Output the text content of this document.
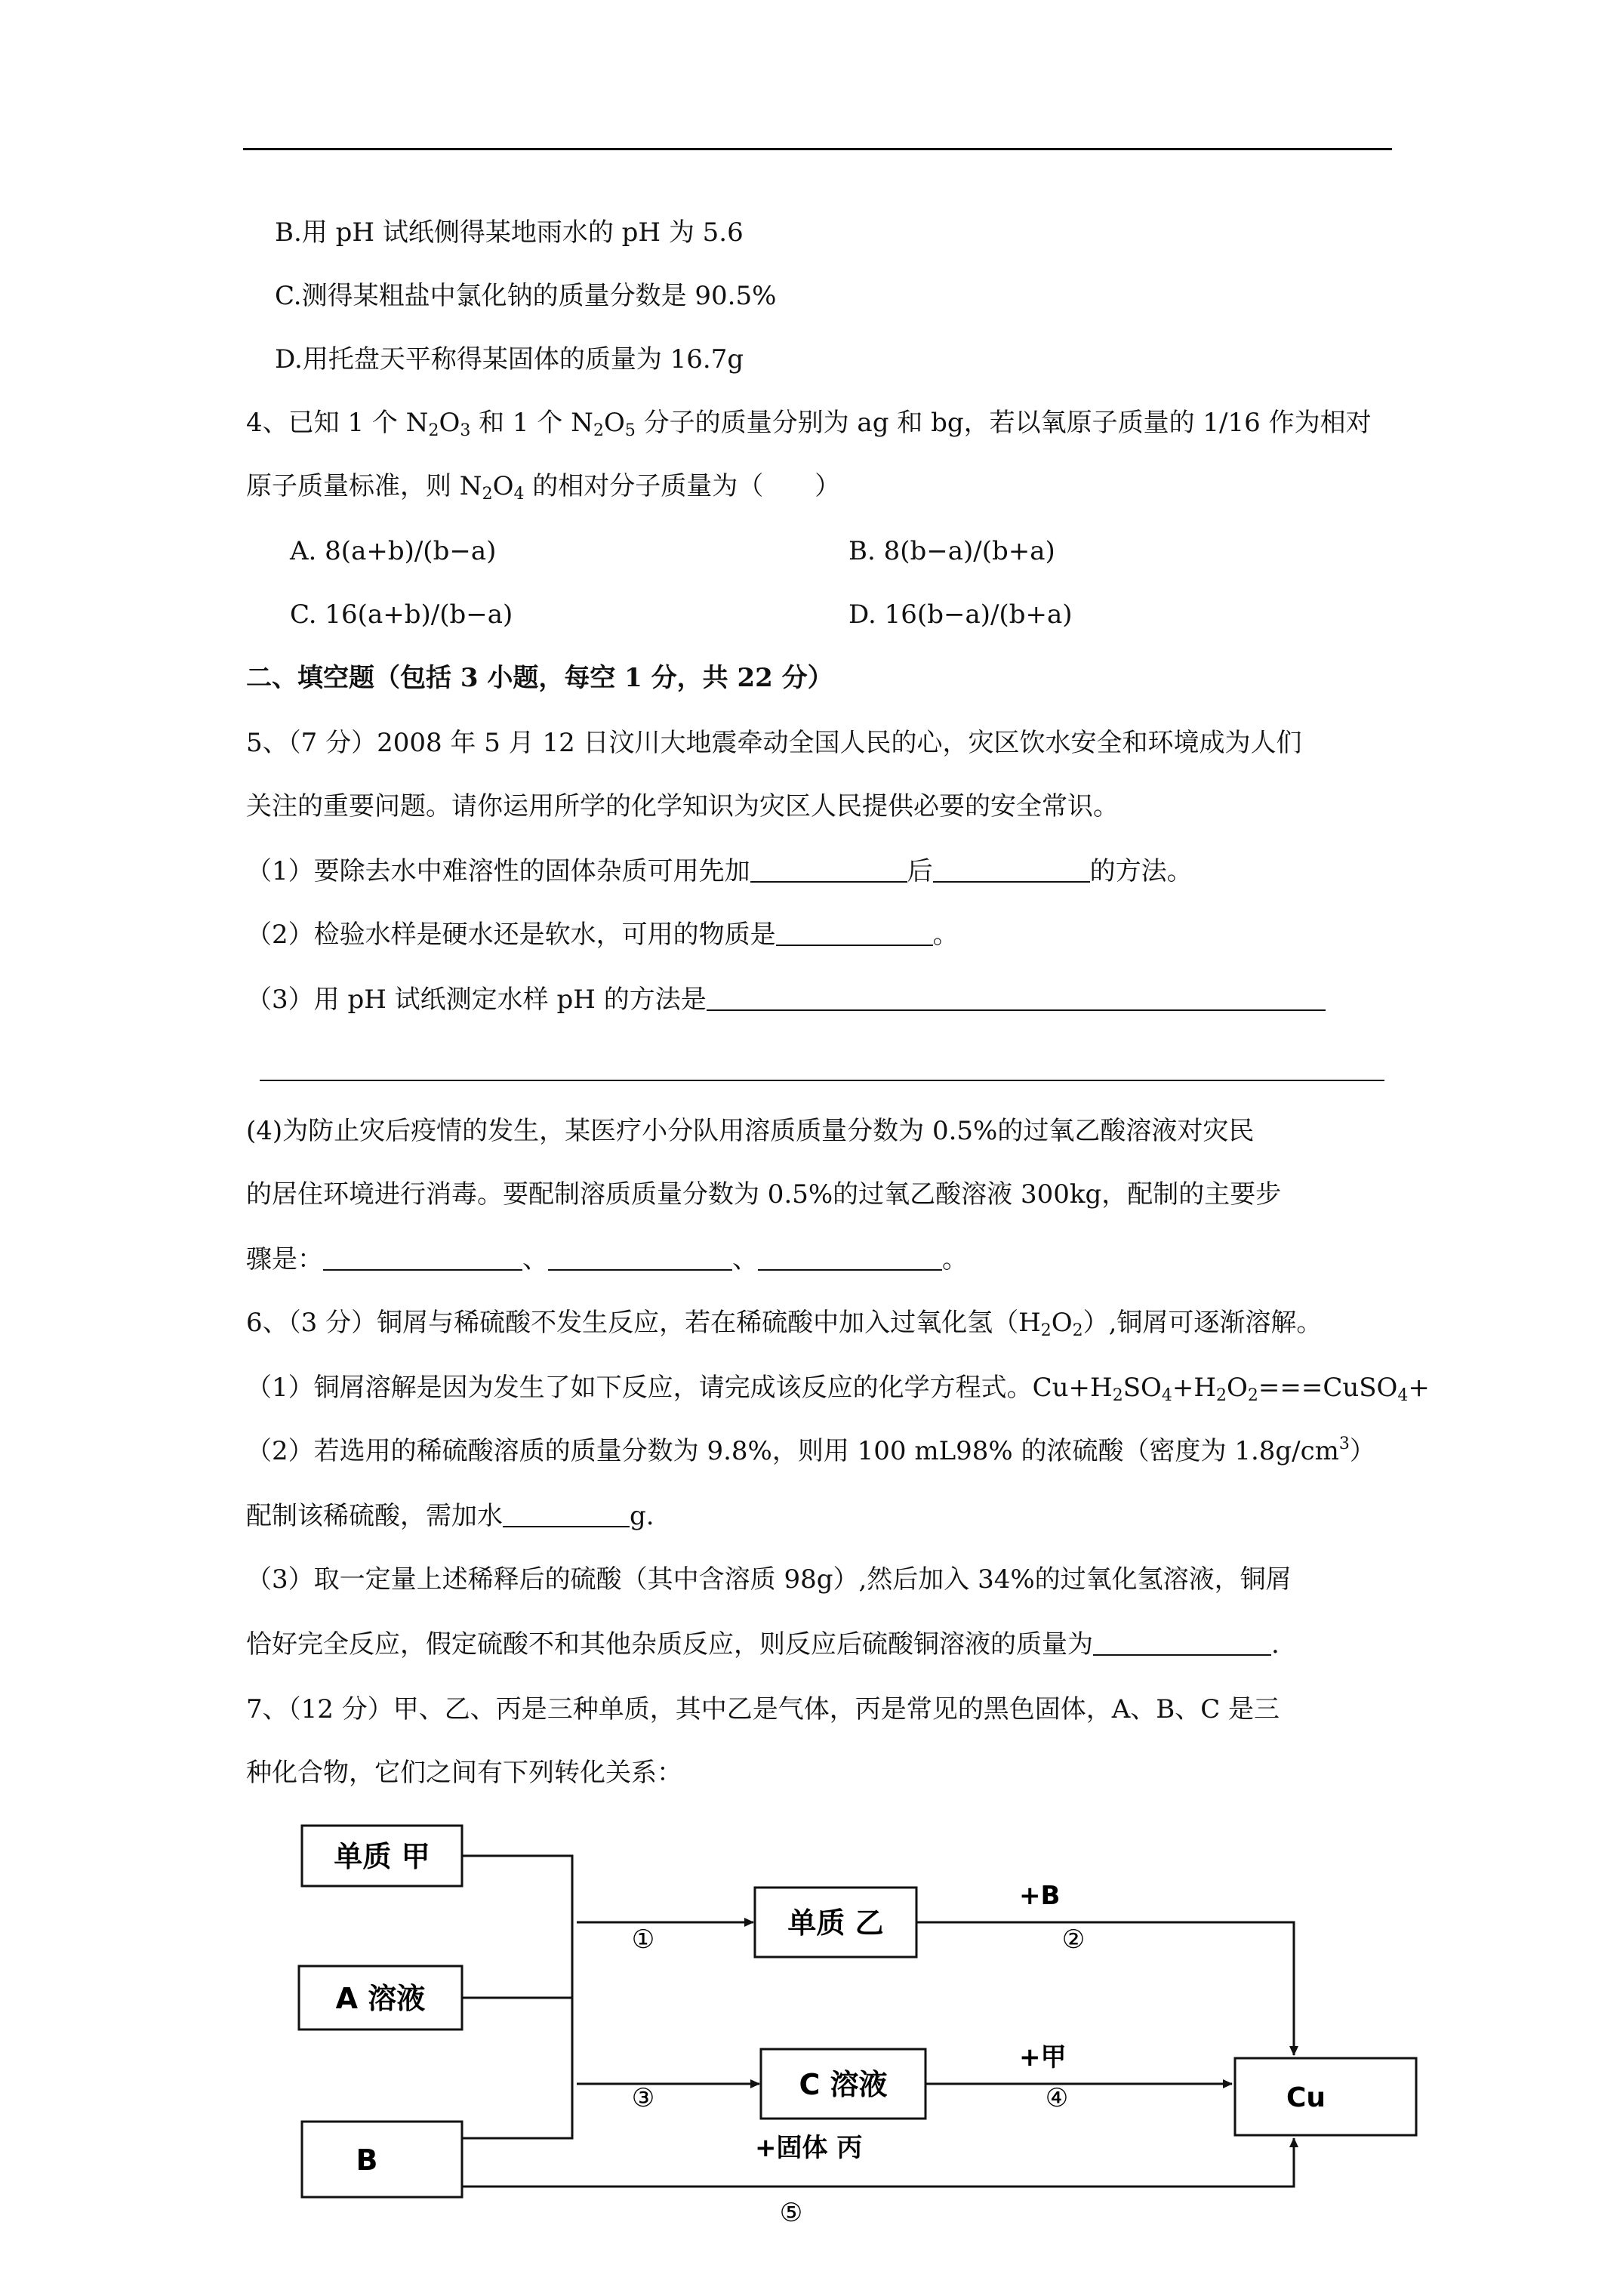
B.用 pH 试纸侧得某地雨水的 pH 为 5.6
C.测得某粗盐中氯化钠的质量分数是 90.5%
D.用托盘天平称得某固体的质量为 16.7g
4、已知 1 个 $N_2O_3$ 和 1 个 $N_2O_5$ 分子的质量分别为 ag 和 bg，若以氧原子质量的 1/16 作为相对
原子质量标准，则 $N_2O_4$ 的相对分子质量为（　　）
A. 8(a+b)/(b−a)	B. 8(b−a)/(b+a)
C. 16(a+b)/(b−a)	D. 16(b−a)/(b+a)
二、填空题（包括 3 小题，每空 1 分，共 22 分）
5、（7 分）2008 年 5 月 12 日汶川大地震牵动全国人民的心，灾区饮水安全和环境成为人们
关注的重要问题。请你运用所学的化学知识为灾区人民提供必要的安全常识。
（1）要除去水中难溶性的固体杂质可用先加	后	的方法。
（2）检验水样是硬水还是软水，可用的物质是	。
（3）用 pH 试纸测定水样 pH 的方法是
(4)为防止灾后疫情的发生，某医疗小分队用溶质质量分数为 0.5%的过氧乙酸溶液对灾民
的居住环境进行消毒。要配制溶质质量分数为 0.5%的过氧乙酸溶液 300kg，配制的主要步
骤是：	、	、	。
6、（3 分）铜屑与稀硫酸不发生反应，若在稀硫酸中加入过氧化氢$(H_2O_2)$,铜屑可逐渐溶解。
（1）铜屑溶解是因为发生了如下反应，请完成该反应的化学方程式。$Cu+H_2SO_4+H_2O_2===CuSO_4+$
（2）若选用的稀硫酸溶质的质量分数为 9.8%，则用 100 mL98% 的浓硫酸（密度为 $1.8g/cm^3$）
配制该稀硫酸，需加水	g.
（3）取一定量上述稀释后的硫酸（其中含溶质 98g）,然后加入 34%的过氧化氢溶液，铜屑
恰好完全反应，假定硫酸不和其他杂质反应，则反应后硫酸铜溶液的质量为	.
7、（12 分）甲、乙、丙是三种单质，其中乙是气体，丙是常见的黑色固体，A、B、C 是三
种化合物，它们之间有下列转化关系：
单质 甲
A 溶液
B
单质 乙
C 溶液	Cu
+B
+甲
+固体 丙
①	②
③	④
⑤
